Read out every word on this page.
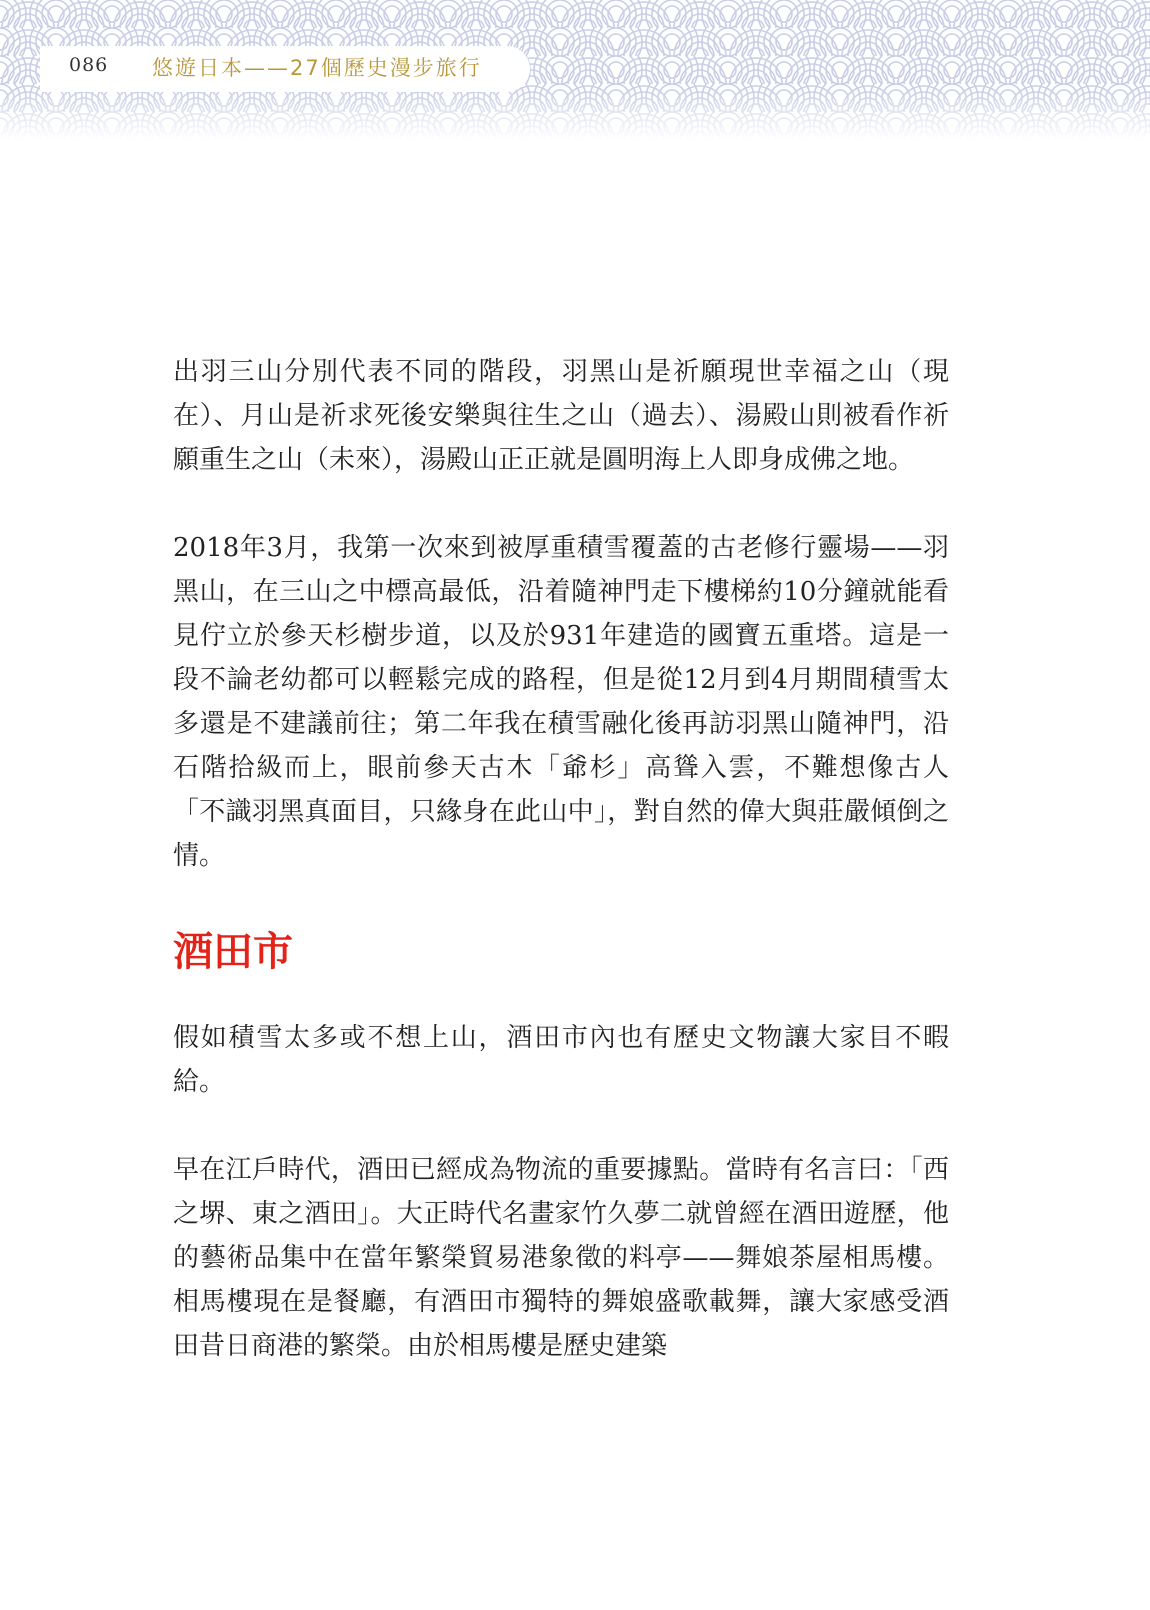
086 悠遊日本——27個歷史漫步旅行

出羽三山分別代表不同的階段，羽黑山是祈願現世幸福之山（現在）、月山是祈求死後安樂與往生之山（過去）、湯殿山則被看作祈願重生之山（未來），湯殿山正正就是圓明海上人即身成佛之地。

2018年3月，我第一次來到被厚重積雪覆蓋的古老修行靈場——羽黑山，在三山之中標高最低，沿着隨神門走下樓梯約10分鐘就能看見佇立於參天杉樹步道，以及於931年建造的國寶五重塔。這是一段不論老幼都可以輕鬆完成的路程，但是從12月到4月期間積雪太多還是不建議前往；第二年我在積雪融化後再訪羽黑山隨神門，沿石階拾級而上，眼前參天古木「爺杉」高聳入雲，不難想像古人「不識羽黑真面目，只緣身在此山中」，對自然的偉大與莊嚴傾倒之情。

酒田市

假如積雪太多或不想上山，酒田市內也有歷史文物讓大家目不暇給。

早在江戶時代，酒田已經成為物流的重要據點。當時有名言曰：「西之堺、東之酒田」。大正時代名畫家竹久夢二就曾經在酒田遊歷，他的藝術品集中在當年繁榮貿易港象徵的料亭——舞娘茶屋相馬樓。相馬樓現在是餐廳，有酒田市獨特的舞娘盛歌載舞，讓大家感受酒田昔日商港的繁榮。由於相馬樓是歷史建築
